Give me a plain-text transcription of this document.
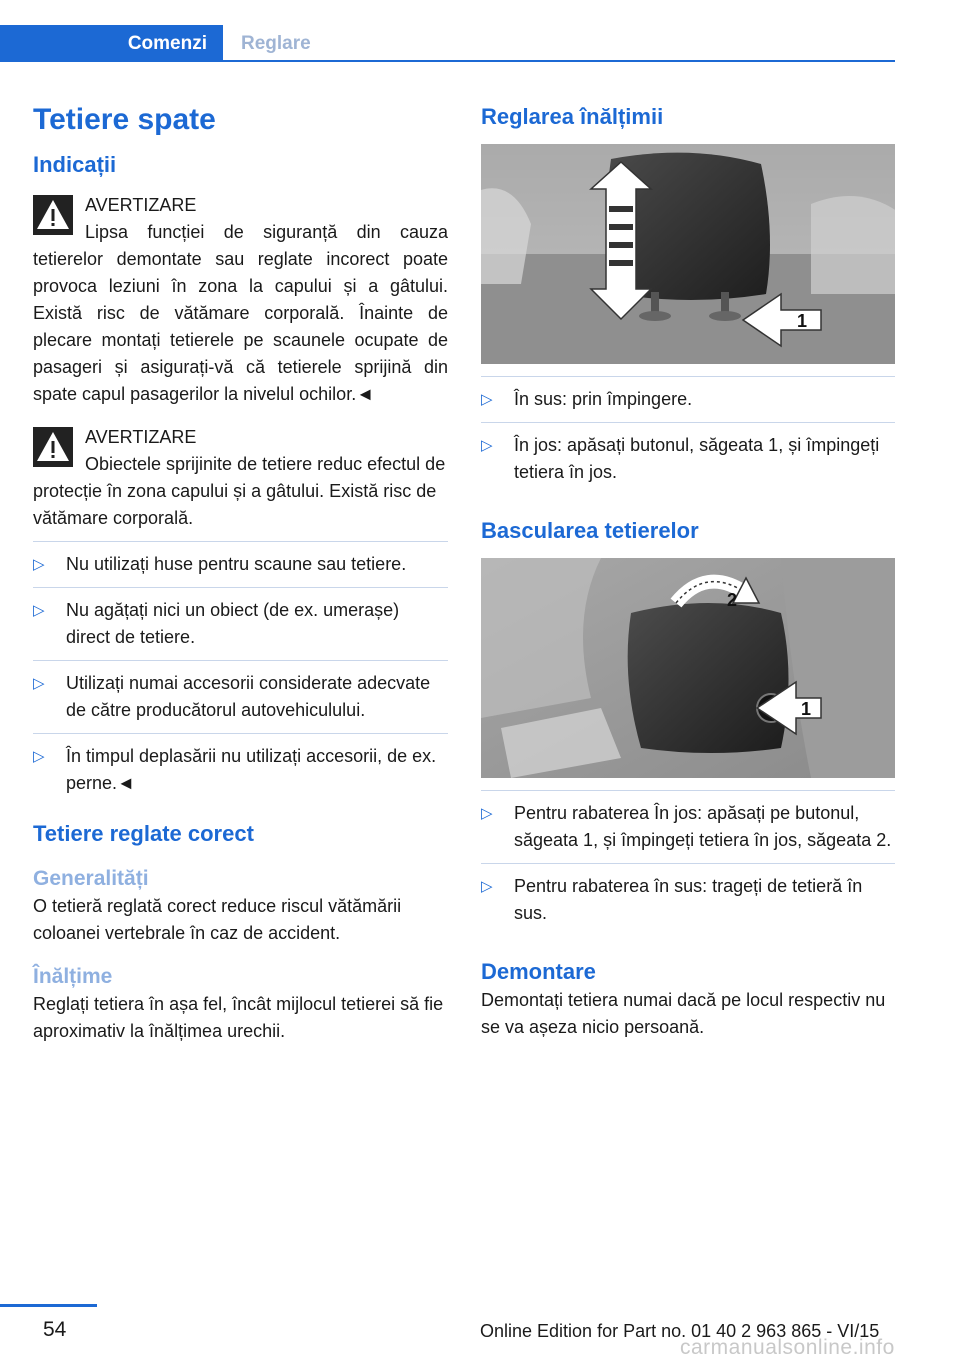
Comenzi	Reglare
Tetiere spate
Indicații
AVERTIZARE

Lipsa funcției de siguranță din cauza tetierelor demontate sau reglate incorect poate provoca leziuni în zona la capului și a gâtului. Există risc de vătămare corporală. Înainte de plecare montați tetierele pe scaunele ocupate de pasageri și asigurați-vă că tetierele sprijină din spate capul pasagerilor la nivelul ochilor.◄

AVERTIZARE

Obiectele sprijinite de tetiere reduc efectul de protecție în zona capului și a gâtului. Există risc de vătămare corporală.

▷ Nu utilizați huse pentru scaune sau tetiere.
▷ Nu agățați nici un obiect (de ex. umerașe) direct de tetiere.
▷ Utilizați numai accesorii considerate adecvate de către producătorul autovehiculului.
▷ În timpul deplasării nu utilizați accesorii, de ex. perne.◄
Tetiere reglate corect
Generalități

O tetieră reglată corect reduce riscul vătămării coloanei vertebrale în caz de accident.

Înălțime

Reglați tetiera în așa fel, încât mijlocul tetierei să fie aproximativ la înălțimea urechii.

Reglarea înălțimii
1
▷ În sus: prin împingere.
▷ În jos: apăsați butonul, săgeata 1, și împingeți tetiera în jos.
Bascularea tetierelor
2
1
▷ Pentru rabaterea În jos: apăsați pe butonul, săgeata 1, și împingeți tetiera în jos, săgeata 2.
▷ Pentru rabaterea în sus: trageți de tetieră în sus.
Demontare

Demontați tetiera numai dacă pe locul respectiv nu se va așeza nicio persoană.

54	Online Edition for Part no. 01 40 2 963 865 - VI/15
carmanualsonline.info
